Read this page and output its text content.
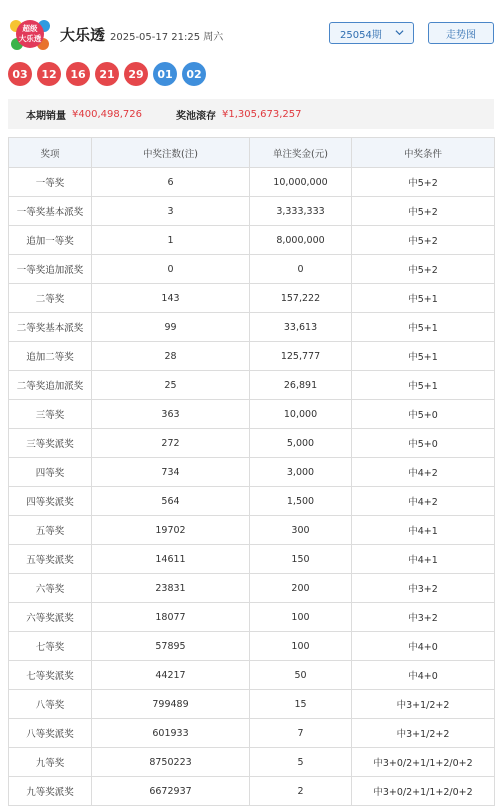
超级
大乐透 大乐透 2025-05-17 21:25 周六	25054期	走势图
03	12	16	21	29	01	02
本期销量 ¥400,498,726	奖池滚存 ¥1,305,673,257
奖项	中奖注数(注)	单注奖金(元)	中奖条件
一等奖	6	10,000,000	中5+2
一等奖基本派奖	3	3,333,333	中5+2
追加一等奖	1	8,000,000	中5+2
一等奖追加派奖	0	0	中5+2
二等奖	143	157,222	中5+1
二等奖基本派奖	99	33,613	中5+1
追加二等奖	28	125,777	中5+1
二等奖追加派奖	25	26,891	中5+1
三等奖	363	10,000	中5+0
三等奖派奖	272	5,000	中5+0
四等奖	734	3,000	中4+2
四等奖派奖	564	1,500	中4+2
五等奖	19702	300	中4+1
五等奖派奖	14611	150	中4+1
六等奖	23831	200	中3+2
六等奖派奖	18077	100	中3+2
七等奖	57895	100	中4+0
七等奖派奖	44217	50	中4+0
八等奖	799489	15	中3+1/2+2
八等奖派奖	601933	7	中3+1/2+2
九等奖	8750223	5	中3+0/2+1/1+2/0+2
九等奖派奖	6672937	2	中3+0/2+1/1+2/0+2
